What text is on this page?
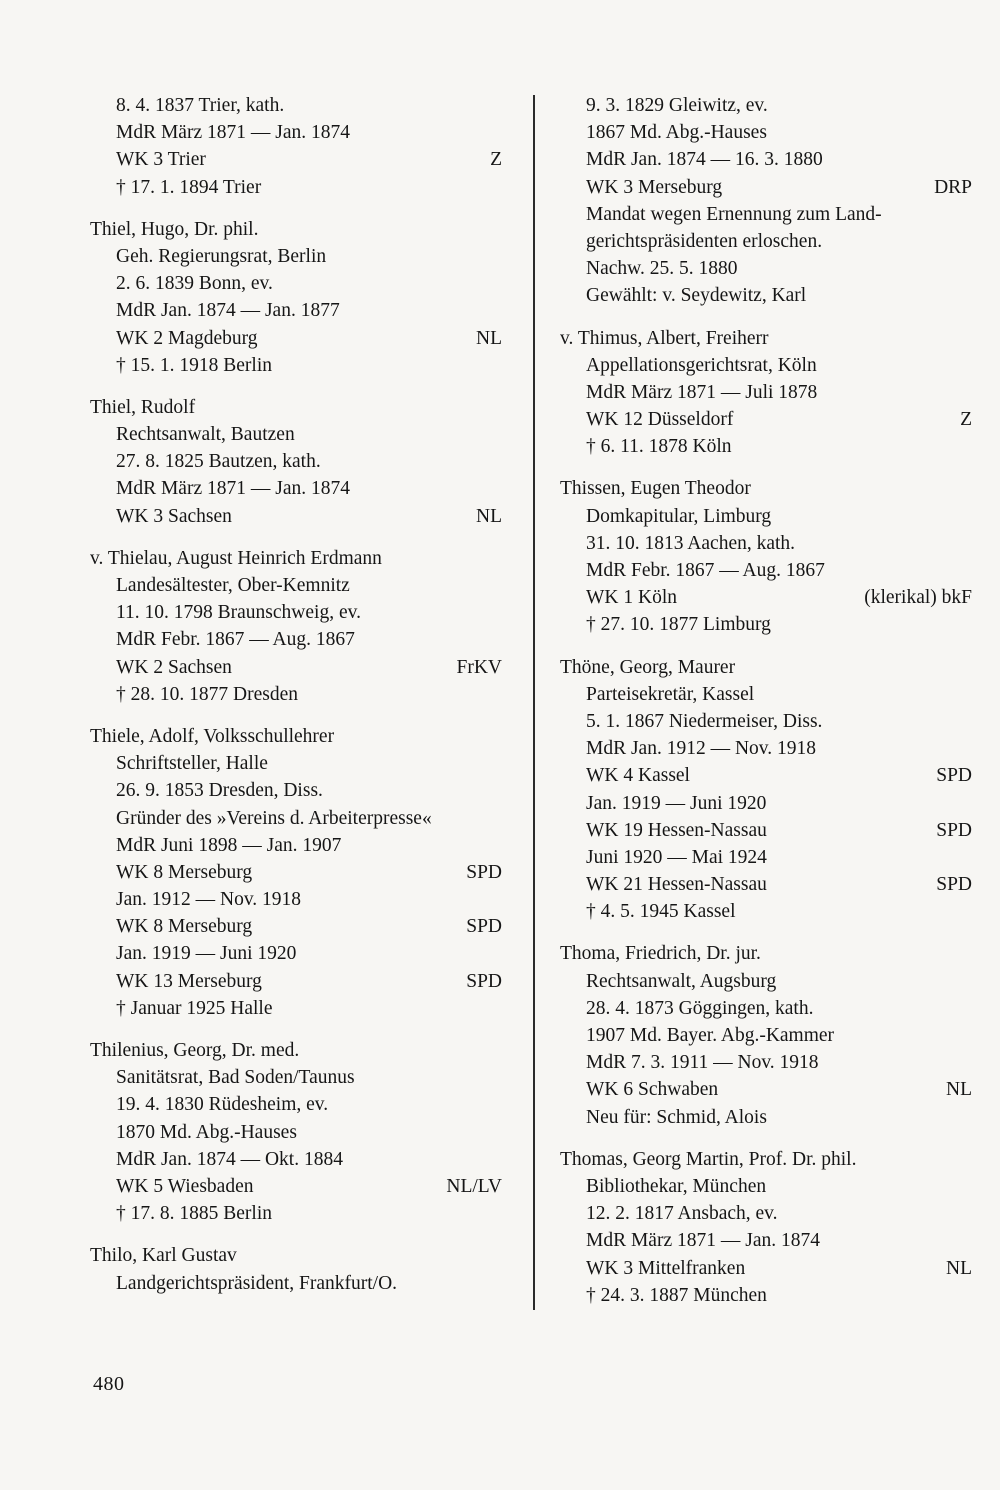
8. 4. 1837 Trier, kath.
MdR März 1871 — Jan. 1874
WK 3 Trier	Z
† 17. 1. 1894 Trier
Thiel, Hugo, Dr. phil.
Geh. Regierungsrat, Berlin
2. 6. 1839 Bonn, ev.
MdR Jan. 1874 — Jan. 1877
WK 2 Magdeburg	NL
† 15. 1. 1918 Berlin
Thiel, Rudolf
Rechtsanwalt, Bautzen
27. 8. 1825 Bautzen, kath.
MdR März 1871 — Jan. 1874
WK 3 Sachsen	NL
v. Thielau, August Heinrich Erdmann
Landesältester, Ober-Kemnitz
11. 10. 1798 Braunschweig, ev.
MdR Febr. 1867 — Aug. 1867
WK 2 Sachsen	FrKV
† 28. 10. 1877 Dresden
Thiele, Adolf, Volksschullehrer
Schriftsteller, Halle
26. 9. 1853 Dresden, Diss.
Gründer des »Vereins d. Arbeiterpresse«
MdR Juni 1898 — Jan. 1907
WK 8 Merseburg	SPD
Jan. 1912 — Nov. 1918
WK 8 Merseburg	SPD
Jan. 1919 — Juni 1920
WK 13 Merseburg	SPD
† Januar 1925 Halle
Thilenius, Georg, Dr. med.
Sanitätsrat, Bad Soden/Taunus
19. 4. 1830 Rüdesheim, ev.
1870 Md. Abg.-Hauses
MdR Jan. 1874 — Okt. 1884
WK 5 Wiesbaden	NL/LV
† 17. 8. 1885 Berlin
Thilo, Karl Gustav
Landgerichtspräsident, Frankfurt/O.
9. 3. 1829 Gleiwitz, ev.
1867 Md. Abg.-Hauses
MdR Jan. 1874 — 16. 3. 1880
WK 3 Merseburg	DRP
Mandat wegen Ernennung zum Land-
gerichtspräsidenten erloschen.
Nachw. 25. 5. 1880
Gewählt: v. Seydewitz, Karl
v. Thimus, Albert, Freiherr
Appellationsgerichtsrat, Köln
MdR März 1871 — Juli 1878
WK 12 Düsseldorf	Z
† 6. 11. 1878 Köln
Thissen, Eugen Theodor
Domkapitular, Limburg
31. 10. 1813 Aachen, kath.
MdR Febr. 1867 — Aug. 1867
WK 1 Köln	(klerikal) bkF
† 27. 10. 1877 Limburg
Thöne, Georg, Maurer
Parteisekretär, Kassel
5. 1. 1867 Niedermeiser, Diss.
MdR Jan. 1912 — Nov. 1918
WK 4 Kassel	SPD
Jan. 1919 — Juni 1920
WK 19 Hessen-Nassau	SPD
Juni 1920 — Mai 1924
WK 21 Hessen-Nassau	SPD
† 4. 5. 1945 Kassel
Thoma, Friedrich, Dr. jur.
Rechtsanwalt, Augsburg
28. 4. 1873 Göggingen, kath.
1907 Md. Bayer. Abg.-Kammer
MdR 7. 3. 1911 — Nov. 1918
WK 6 Schwaben	NL
Neu für: Schmid, Alois
Thomas, Georg Martin, Prof. Dr. phil.
Bibliothekar, München
12. 2. 1817 Ansbach, ev.
MdR März 1871 — Jan. 1874
WK 3 Mittelfranken	NL
† 24. 3. 1887 München
480
